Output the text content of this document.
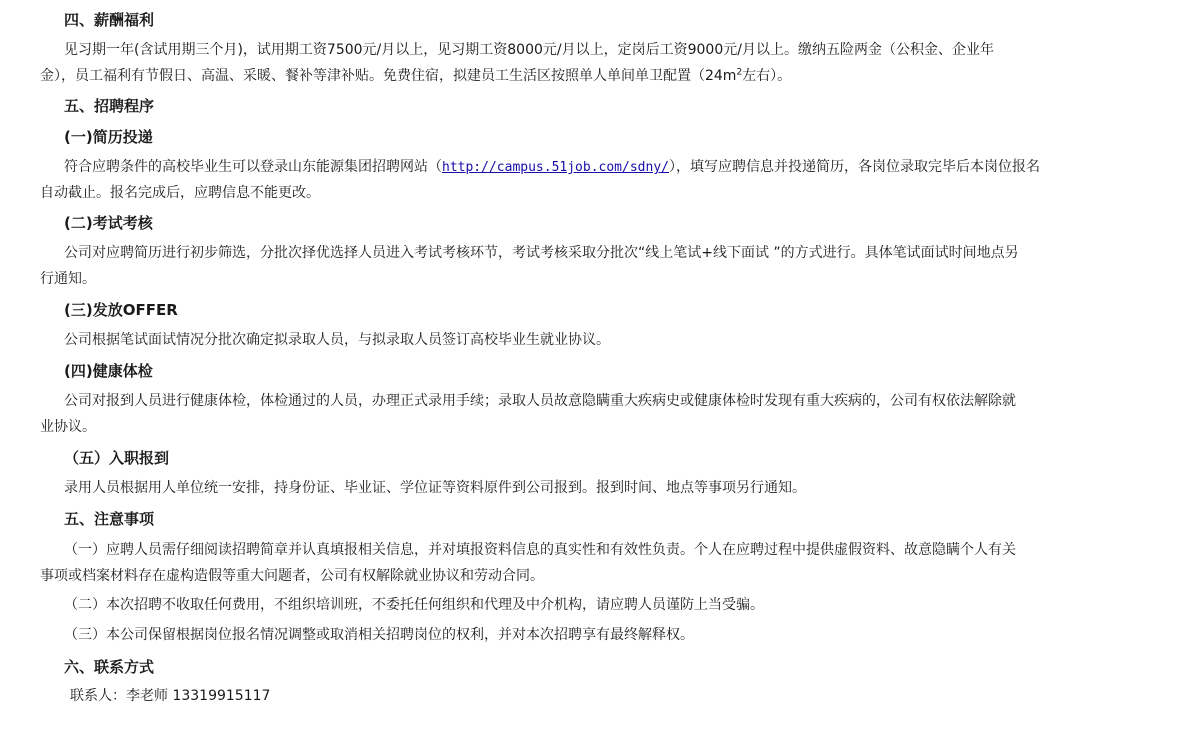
四、薪酬福利
见习期一年(含试用期三个月)，试用期工资7500元/月以上，见习期工资8000元/月以上，定岗后工资9000元/月以上。缴纳五险两金（公积金、企业年
金），员工福利有节假日、高温、采暖、餐补等津补贴。免费住宿，拟建员工生活区按照单人单间单卫配置（$24m^2$左右）。
五、招聘程序
(一)简历投递
符合应聘条件的高校毕业生可以登录山东能源集团招聘网站（http://campus.51job.com/sdny/），填写应聘信息并投递简历，各岗位录取完毕后本岗位报名
自动截止。报名完成后，应聘信息不能更改。
(二)考试考核
公司对应聘简历进行初步筛选，分批次择优选择人员进入考试考核环节，考试考核采取分批次“线上笔试+线下面试 ”的方式进行。具体笔试面试时间地点另
行通知。
(三)发放OFFER
公司根据笔试面试情况分批次确定拟录取人员，与拟录取人员签订高校毕业生就业协议。
(四)健康体检
公司对报到人员进行健康体检，体检通过的人员，办理正式录用手续；录取人员故意隐瞒重大疾病史或健康体检时发现有重大疾病的，公司有权依法解除就
业协议。
（五）入职报到
录用人员根据用人单位统一安排，持身份证、毕业证、学位证等资料原件到公司报到。报到时间、地点等事项另行通知。
五、注意事项
（一）应聘人员需仔细阅读招聘简章并认真填报相关信息，并对填报资料信息的真实性和有效性负责。个人在应聘过程中提供虚假资料、故意隐瞒个人有关
事项或档案材料存在虚构造假等重大问题者，公司有权解除就业协议和劳动合同。
（二）本次招聘不收取任何费用，不组织培训班，不委托任何组织和代理及中介机构，请应聘人员谨防上当受骗。
（三）本公司保留根据岗位报名情况调整或取消相关招聘岗位的权利，并对本次招聘享有最终解释权。
六、联系方式
联系人：李老师 13319915117
